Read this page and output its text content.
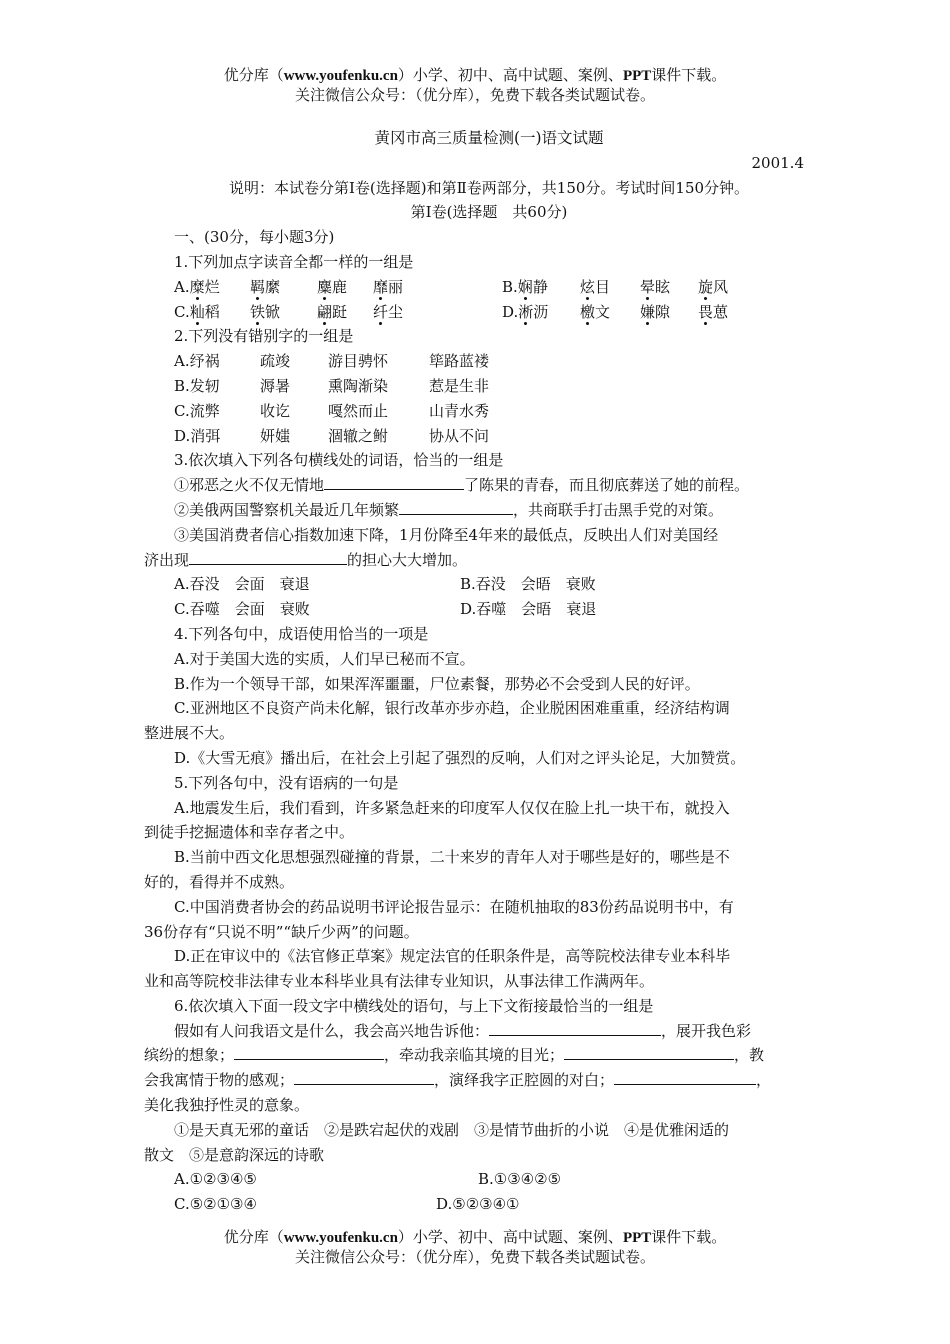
优分库（www.youfenku.cn）小学、初中、高中试题、案例、PPT课件下载。
关注微信公众号：（优分库），免费下载各类试题试卷。
黄冈市高三质量检测(一)语文试题
2001.4
说明：本试卷分第Ⅰ卷(选择题)和第Ⅱ卷两部分，共150分。考试时间150分钟。
第Ⅰ卷(选择题　共60分)
一、(30分，每小题3分)
1.下列加点字读音全都一样的一组是
A.糜烂 羁縻 麋鹿 靡丽	B.娴静 炫目 晕眩 旋风
C.籼稻 铁锨 翩跹 纤尘	D.淅沥 檄文 嫌隙 畏葸
2.下列没有错别字的一组是
A.纾祸	疏竣	游目骋怀	筚路蓝褛
B.发轫	溽暑	熏陶渐染	惹是生非
C.流弊	收讫	嘎然而止	山青水秀
D.消弭	妍媸	涸辙之鲋	协从不问
3.依次填入下列各句横线处的词语，恰当的一组是
①邪恶之火不仅无情地	了陈果的青春，而且彻底葬送了她的前程。
②美俄两国警察机关最近几年频繁	，共商联手打击黑手党的对策。
③美国消费者信心指数加速下降，1月份降至4年来的最低点，反映出人们对美国经
济出现	的担心大大增加。
A.吞没　会面　衰退	B.吞没　会晤　衰败
C.吞噬　会面　衰败	D.吞噬　会晤　衰退
4.下列各句中，成语使用恰当的一项是
A.对于美国大选的实质，人们早已秘而不宣。
B.作为一个领导干部，如果浑浑噩噩，尸位素餐，那势必不会受到人民的好评。
C.亚洲地区不良资产尚未化解，银行改革亦步亦趋，企业脱困困难重重，经济结构调
整进展不大。
D.《大雪无痕》播出后，在社会上引起了强烈的反响，人们对之评头论足，大加赞赏。
5.下列各句中，没有语病的一句是
A.地震发生后，我们看到，许多紧急赶来的印度军人仅仅在脸上扎一块干布，就投入
到徒手挖掘遗体和幸存者之中。
B.当前中西文化思想强烈碰撞的背景，二十来岁的青年人对于哪些是好的，哪些是不
好的，看得并不成熟。
C.中国消费者协会的药品说明书评论报告显示：在随机抽取的83份药品说明书中，有
36份存有“只说不明”“缺斤少两”的问题。
D.正在审议中的《法官修正草案》规定法官的任职条件是，高等院校法律专业本科毕
业和高等院校非法律专业本科毕业具有法律专业知识，从事法律工作满两年。
6.依次填入下面一段文字中横线处的语句，与上下文衔接最恰当的一组是
假如有人问我语文是什么，我会高兴地告诉他：	，展开我色彩
缤纷的想象；	，牵动我亲临其境的目光；	，教
会我寓情于物的感观；	，演绎我字正腔圆的对白；	，
美化我独抒性灵的意象。
①是天真无邪的童话　②是跌宕起伏的戏剧　③是情节曲折的小说　④是优雅闲适的
散文　⑤是意韵深远的诗歌
A.①②③④⑤	B.①③④②⑤
C.⑤②①③④	D.⑤②③④①
优分库（www.youfenku.cn）小学、初中、高中试题、案例、PPT课件下载。
关注微信公众号：（优分库），免费下载各类试题试卷。
